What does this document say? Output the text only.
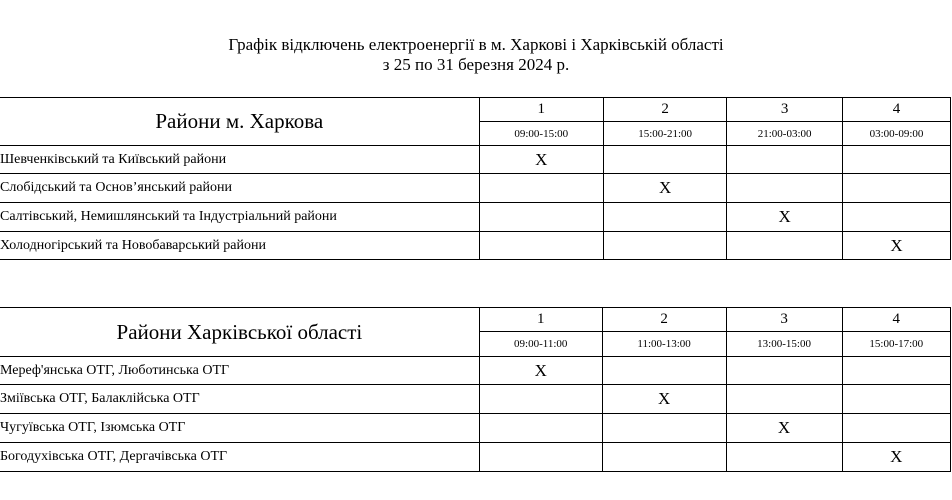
Графік відключень електроенергії в м. Харкові і Харківській області
з 25 по 31 березня 2024 р.
Райони м. Харкова	1	2	3	4
	09:00-15:00	15:00-21:00	21:00-03:00	03:00-09:00
Шевченківський та Київський райони	X			
Слобідський та Основ’янський райони		X		
Салтівський, Немишлянський та Індустріальний райони			X	
Холодногірський та Новобаварський райони				X
Райони Харківської області	1	2	3	4
	09:00-11:00	11:00-13:00	13:00-15:00	15:00-17:00
Мереф'янська ОТГ, Люботинська ОТГ	X			
Зміївська ОТГ, Балаклійська ОТГ		X		
Чугуївська ОТГ, Ізюмська ОТГ			X	
Богодухівська ОТГ, Дергачівська ОТГ				X
